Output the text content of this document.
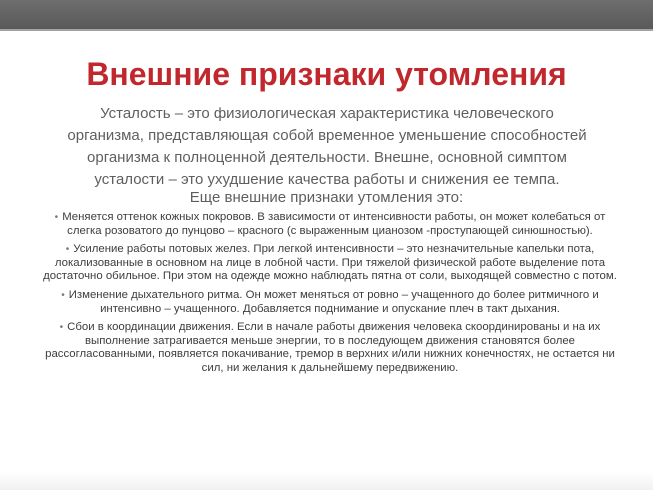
Внешние признаки утомления
Усталость – это физиологическая характеристика человеческого организма, представляющая собой временное уменьшение способностей организма к полноценной деятельности. Внешне, основной симптом усталости – это ухудшение качества работы и снижения ее темпа.
Еще внешние признаки утомления это:
• Меняется оттенок кожных покровов. В зависимости от интенсивности работы, он может колебаться от слегка розоватого до пунцово – красного (с выраженным цианозом -проступающей синюшностью).
• Усиление работы потовых желез. При легкой интенсивности – это незначительные капельки пота, локализованные в основном на лице в лобной части. При тяжелой физической работе выделение пота достаточно обильное. При этом на одежде можно наблюдать пятна от соли, выходящей совместно с потом.
• Изменение дыхательного ритма. Он может меняться от ровно – учащенного до более ритмичного и интенсивно – учащенного. Добавляется поднимание и опускание плеч в такт дыхания.
• Сбои в координации движения. Если в начале работы движения человека скоординированы и на их выполнение затрагивается меньше энергии, то в последующем движения становятся более рассогласованными, появляется покачивание, тремор в верхних и/или нижних конечностях, не остается ни сил, ни желания к дальнейшему передвижению.
